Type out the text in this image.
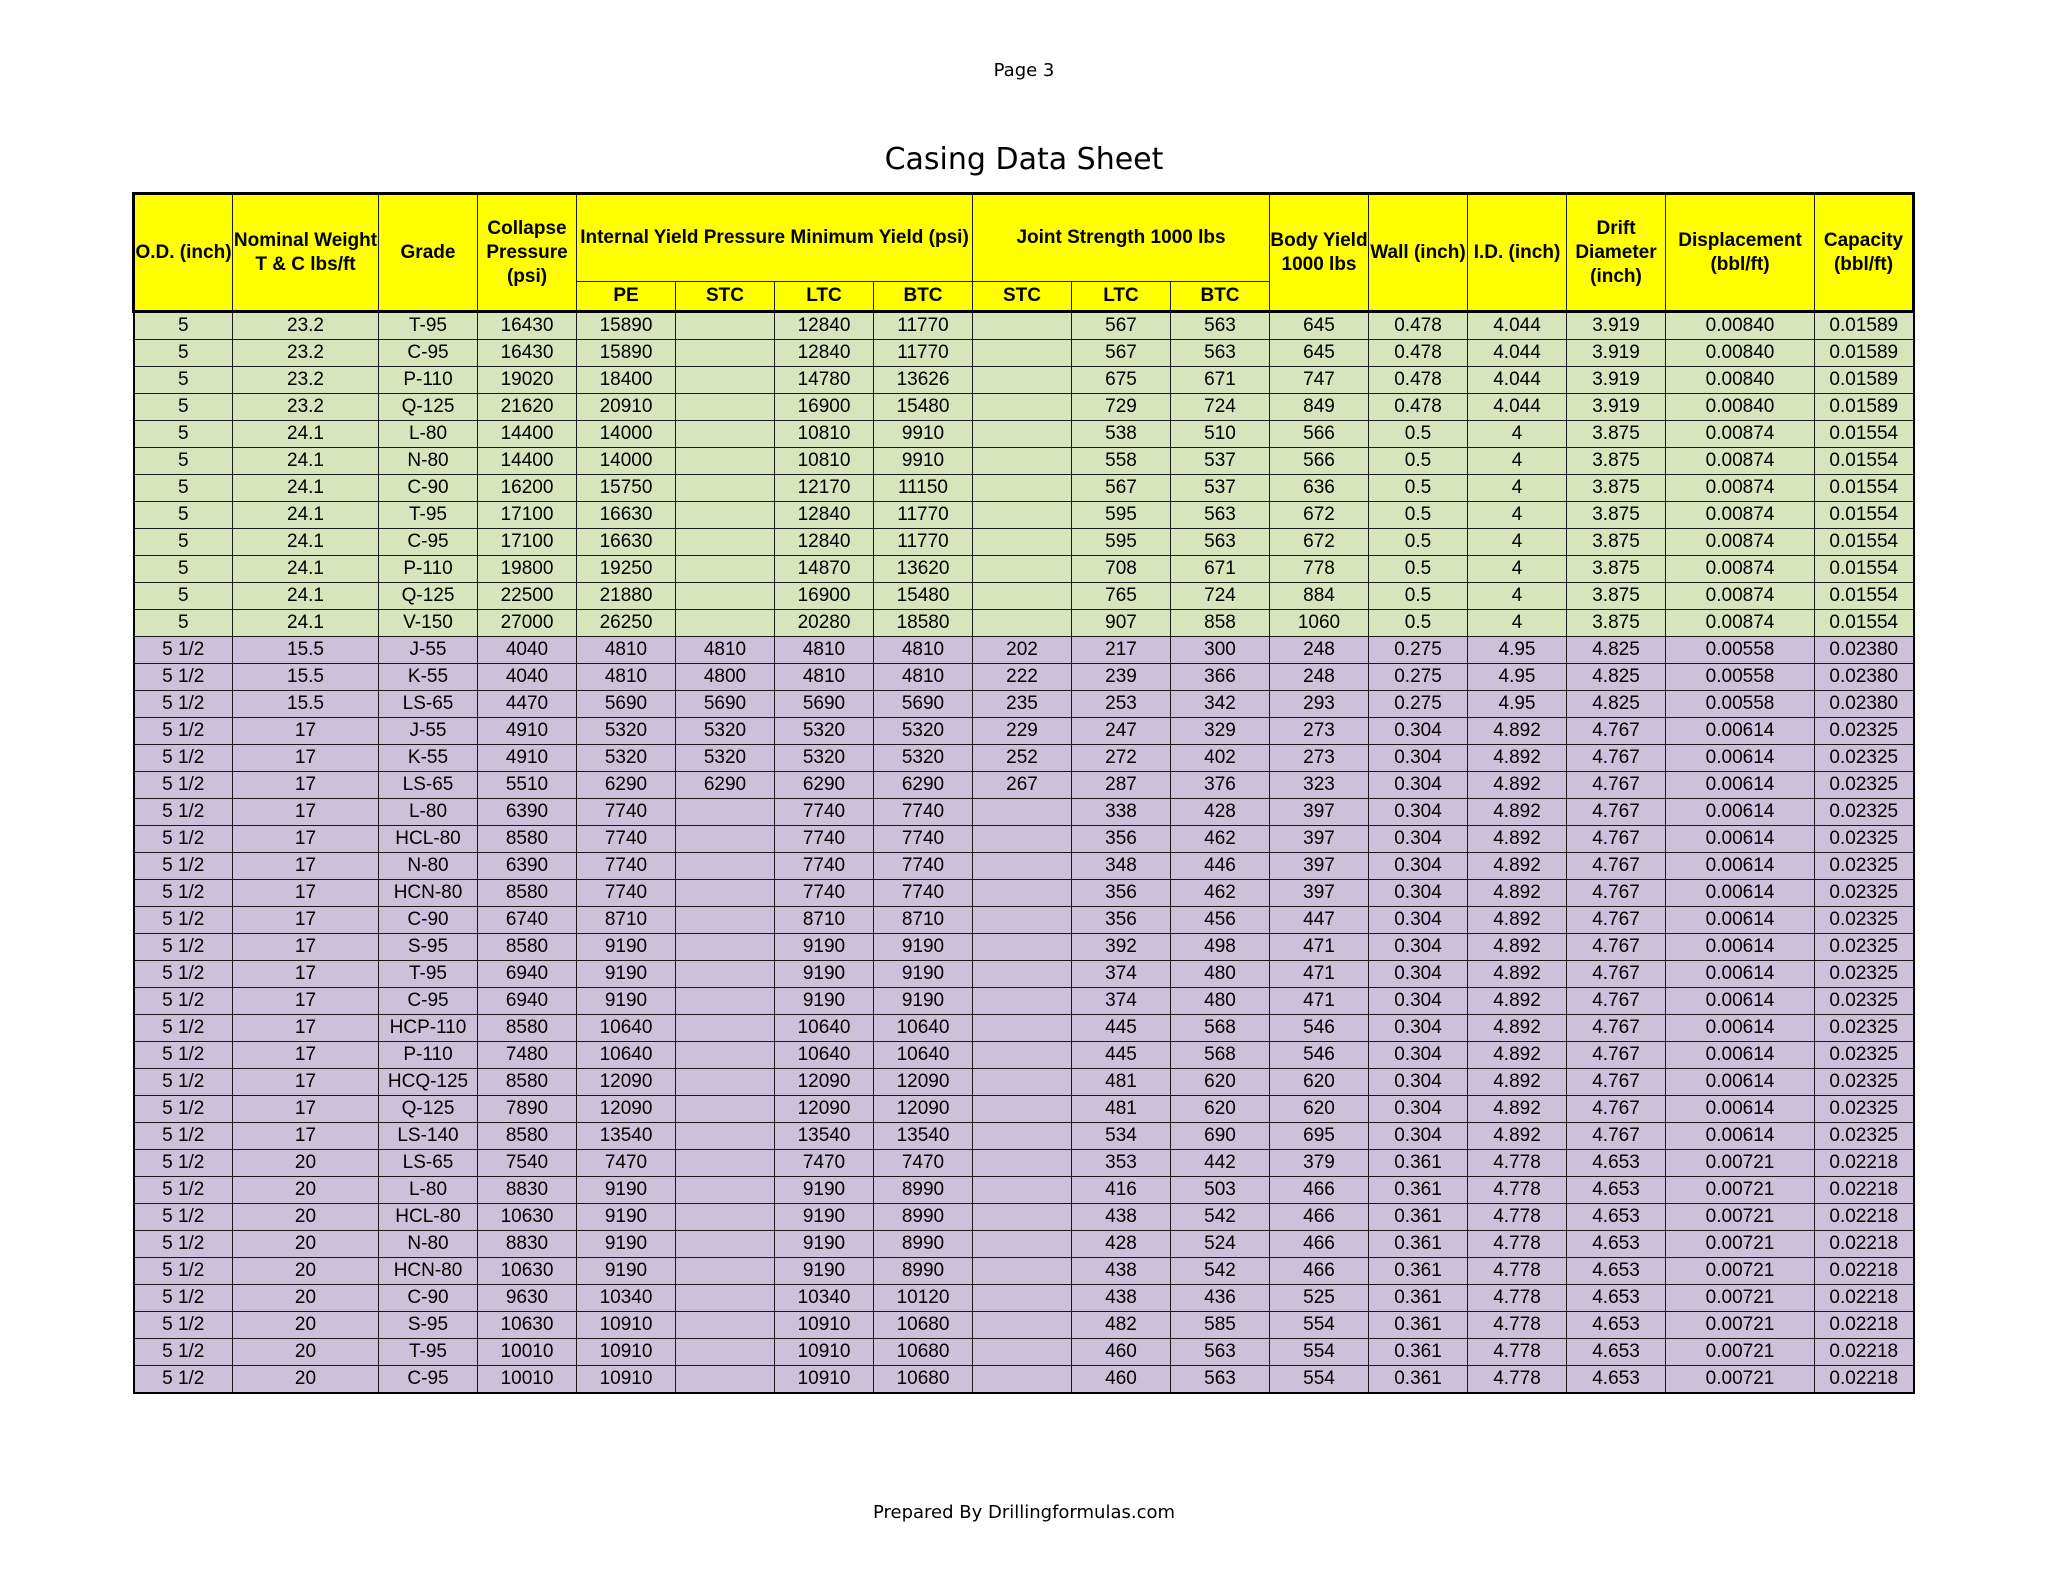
Page 3
Casing Data Sheet
O.D. (inch)	Nominal Weight T & C lbs/ft	Grade	Collapse Pressure (psi)	Internal Yield Pressure Minimum Yield (psi)				Joint Strength 1000 lbs			Body Yield 1000 lbs	Wall (inch)	I.D. (inch)	Drift Diameter (inch)	Displacement (bbl/ft)	Capacity (bbl/ft)
				PE	STC	LTC	BTC	STC	LTC	BTC						
5	23.2	T-95	16430	15890		12840	11770		567	563	645	0.478	4.044	3.919	0.00840	0.01589
5	23.2	C-95	16430	15890		12840	11770		567	563	645	0.478	4.044	3.919	0.00840	0.01589
5	23.2	P-110	19020	18400		14780	13626		675	671	747	0.478	4.044	3.919	0.00840	0.01589
5	23.2	Q-125	21620	20910		16900	15480		729	724	849	0.478	4.044	3.919	0.00840	0.01589
5	24.1	L-80	14400	14000		10810	9910		538	510	566	0.5	4	3.875	0.00874	0.01554
5	24.1	N-80	14400	14000		10810	9910		558	537	566	0.5	4	3.875	0.00874	0.01554
5	24.1	C-90	16200	15750		12170	11150		567	537	636	0.5	4	3.875	0.00874	0.01554
5	24.1	T-95	17100	16630		12840	11770		595	563	672	0.5	4	3.875	0.00874	0.01554
5	24.1	C-95	17100	16630		12840	11770		595	563	672	0.5	4	3.875	0.00874	0.01554
5	24.1	P-110	19800	19250		14870	13620		708	671	778	0.5	4	3.875	0.00874	0.01554
5	24.1	Q-125	22500	21880		16900	15480		765	724	884	0.5	4	3.875	0.00874	0.01554
5	24.1	V-150	27000	26250		20280	18580		907	858	1060	0.5	4	3.875	0.00874	0.01554
5 1/2	15.5	J-55	4040	4810	4810	4810	4810	202	217	300	248	0.275	4.95	4.825	0.00558	0.02380
5 1/2	15.5	K-55	4040	4810	4800	4810	4810	222	239	366	248	0.275	4.95	4.825	0.00558	0.02380
5 1/2	15.5	LS-65	4470	5690	5690	5690	5690	235	253	342	293	0.275	4.95	4.825	0.00558	0.02380
5 1/2	17	J-55	4910	5320	5320	5320	5320	229	247	329	273	0.304	4.892	4.767	0.00614	0.02325
5 1/2	17	K-55	4910	5320	5320	5320	5320	252	272	402	273	0.304	4.892	4.767	0.00614	0.02325
5 1/2	17	LS-65	5510	6290	6290	6290	6290	267	287	376	323	0.304	4.892	4.767	0.00614	0.02325
5 1/2	17	L-80	6390	7740		7740	7740		338	428	397	0.304	4.892	4.767	0.00614	0.02325
5 1/2	17	HCL-80	8580	7740		7740	7740		356	462	397	0.304	4.892	4.767	0.00614	0.02325
5 1/2	17	N-80	6390	7740		7740	7740		348	446	397	0.304	4.892	4.767	0.00614	0.02325
5 1/2	17	HCN-80	8580	7740		7740	7740		356	462	397	0.304	4.892	4.767	0.00614	0.02325
5 1/2	17	C-90	6740	8710		8710	8710		356	456	447	0.304	4.892	4.767	0.00614	0.02325
5 1/2	17	S-95	8580	9190		9190	9190		392	498	471	0.304	4.892	4.767	0.00614	0.02325
5 1/2	17	T-95	6940	9190		9190	9190		374	480	471	0.304	4.892	4.767	0.00614	0.02325
5 1/2	17	C-95	6940	9190		9190	9190		374	480	471	0.304	4.892	4.767	0.00614	0.02325
5 1/2	17	HCP-110	8580	10640		10640	10640		445	568	546	0.304	4.892	4.767	0.00614	0.02325
5 1/2	17	P-110	7480	10640		10640	10640		445	568	546	0.304	4.892	4.767	0.00614	0.02325
5 1/2	17	HCQ-125	8580	12090		12090	12090		481	620	620	0.304	4.892	4.767	0.00614	0.02325
5 1/2	17	Q-125	7890	12090		12090	12090		481	620	620	0.304	4.892	4.767	0.00614	0.02325
5 1/2	17	LS-140	8580	13540		13540	13540		534	690	695	0.304	4.892	4.767	0.00614	0.02325
5 1/2	20	LS-65	7540	7470		7470	7470		353	442	379	0.361	4.778	4.653	0.00721	0.02218
5 1/2	20	L-80	8830	9190		9190	8990		416	503	466	0.361	4.778	4.653	0.00721	0.02218
5 1/2	20	HCL-80	10630	9190		9190	8990		438	542	466	0.361	4.778	4.653	0.00721	0.02218
5 1/2	20	N-80	8830	9190		9190	8990		428	524	466	0.361	4.778	4.653	0.00721	0.02218
5 1/2	20	HCN-80	10630	9190		9190	8990		438	542	466	0.361	4.778	4.653	0.00721	0.02218
5 1/2	20	C-90	9630	10340		10340	10120		438	436	525	0.361	4.778	4.653	0.00721	0.02218
5 1/2	20	S-95	10630	10910		10910	10680		482	585	554	0.361	4.778	4.653	0.00721	0.02218
5 1/2	20	T-95	10010	10910		10910	10680		460	563	554	0.361	4.778	4.653	0.00721	0.02218
5 1/2	20	C-95	10010	10910		10910	10680		460	563	554	0.361	4.778	4.653	0.00721	0.02218
Prepared By Drillingformulas.com
